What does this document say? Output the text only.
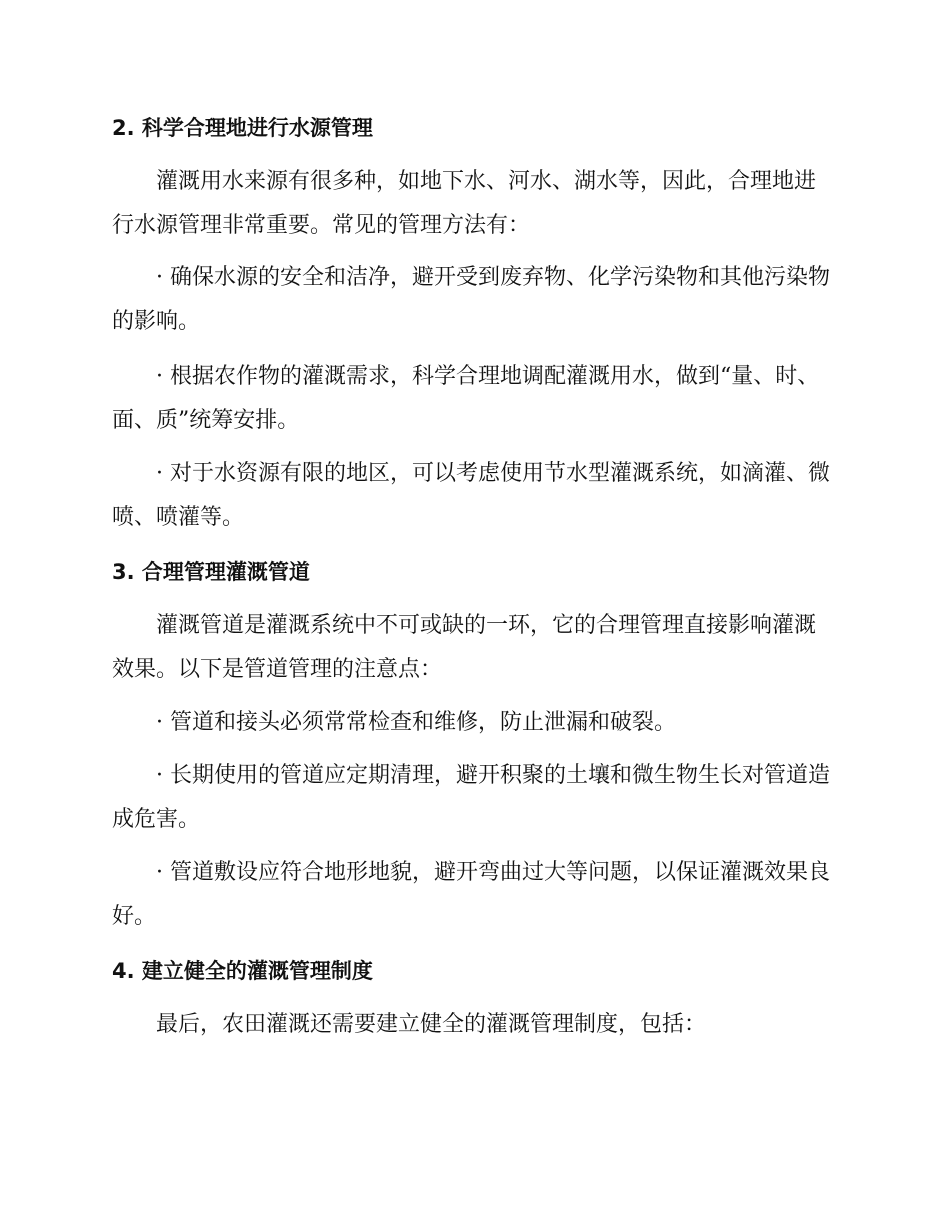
2. 科学合理地进行水源管理

灌溉用水来源有很多种，如地下水、河水、湖水等，因此，合理地进行水源管理非常重要。常见的管理方法有：

· 确保水源的安全和洁净，避开受到废弃物、化学污染物和其他污染物的影响。

· 根据农作物的灌溉需求，科学合理地调配灌溉用水，做到“量、时、面、质”统筹安排。

· 对于水资源有限的地区，可以考虑使用节水型灌溉系统，如滴灌、微喷、喷灌等。

3. 合理管理灌溉管道

灌溉管道是灌溉系统中不可或缺的一环，它的合理管理直接影响灌溉效果。以下是管道管理的注意点：

· 管道和接头必须常常检查和维修，防止泄漏和破裂。

· 长期使用的管道应定期清理，避开积聚的土壤和微生物生长对管道造成危害。

· 管道敷设应符合地形地貌，避开弯曲过大等问题，以保证灌溉效果良好。

4. 建立健全的灌溉管理制度

最后，农田灌溉还需要建立健全的灌溉管理制度，包括：
